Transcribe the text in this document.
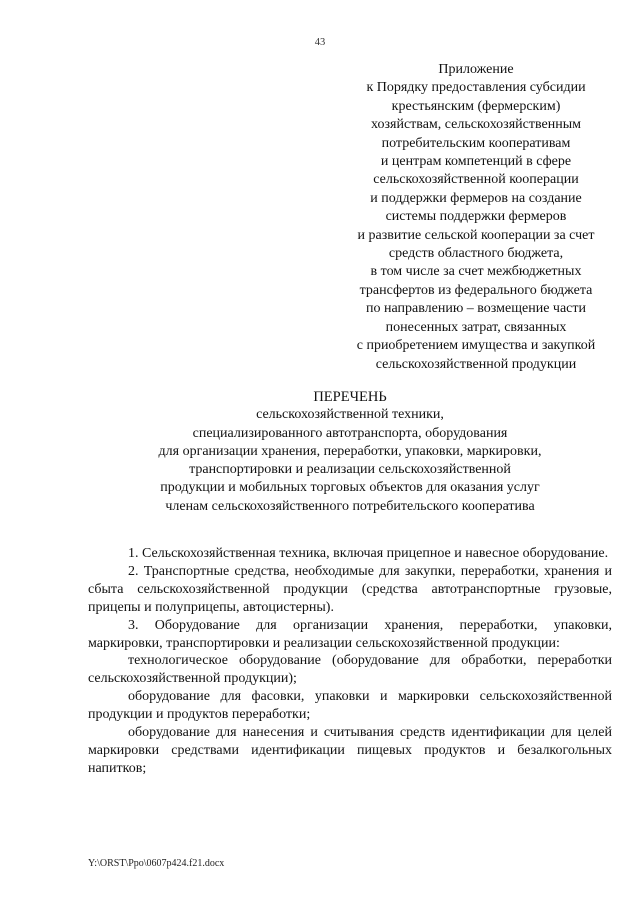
43
Приложение
к Порядку предоставления субсидии
крестьянским (фермерским)
хозяйствам, сельскохозяйственным
потребительским кооперативам
и центрам компетенций в сфере
сельскохозяйственной кооперации
и поддержки фермеров на создание
системы поддержки фермеров
и развитие сельской кооперации за счет
средств областного бюджета,
в том числе за счет межбюджетных
трансфертов из федерального бюджета
по направлению – возмещение части
понесенных затрат, связанных
с приобретением имущества и закупкой
сельскохозяйственной продукции
ПЕРЕЧЕНЬ
сельскохозяйственной техники,
специализированного автотранспорта, оборудования
для организации хранения, переработки, упаковки, маркировки,
транспортировки и реализации сельскохозяйственной
продукции и мобильных торговых объектов для оказания услуг
членам сельскохозяйственного потребительского кооператива

1. Сельскохозяйственная техника, включая прицепное и навесное оборудование.

2. Транспортные средства, необходимые для закупки, переработки, хранения и сбыта сельскохозяйственной продукции (средства автотранспортные грузовые, прицепы и полуприцепы, автоцистерны).

3. Оборудование для организации хранения, переработки, упаковки, маркировки, транспортировки и реализации сельскохозяйственной продукции:

технологическое оборудование (оборудование для обработки, переработки сельскохозяйственной продукции);

оборудование для фасовки, упаковки и маркировки сельскохозяйственной продукции и продуктов переработки;

оборудование для нанесения и считывания средств идентификации для целей маркировки средствами идентификации пищевых продуктов и безалкогольных напитков;

Y:\ORST\Ppo\0607p424.f21.docx
